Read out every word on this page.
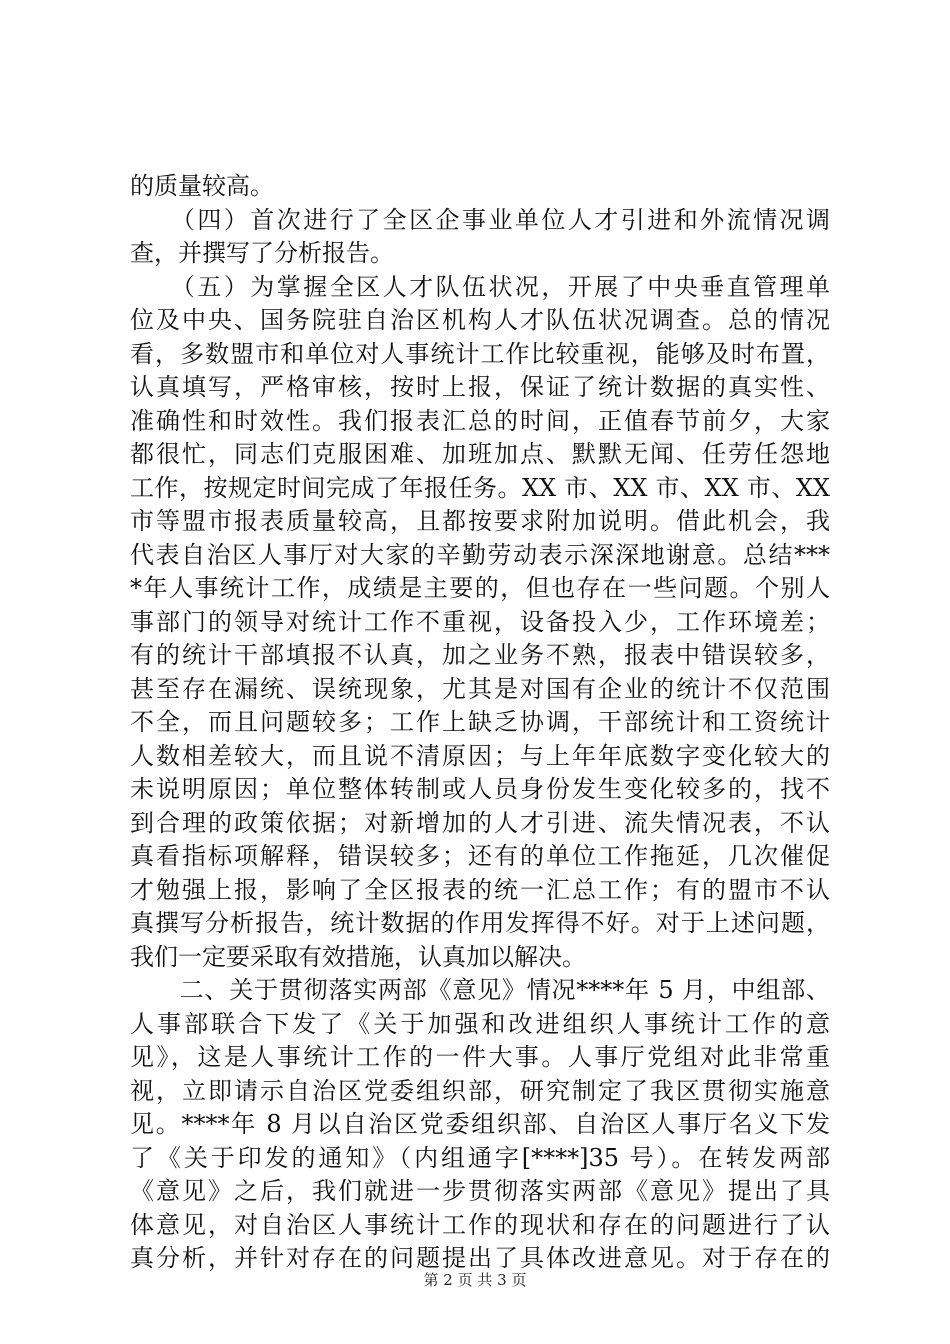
的质量较高。
　　（四）首次进行了全区企事业单位人才引进和外流情况调
查，并撰写了分析报告。
　　（五）为掌握全区人才队伍状况，开展了中央垂直管理单
位及中央、国务院驻自治区机构人才队伍状况调查。总的情况
看，多数盟市和单位对人事统计工作比较重视，能够及时布置，
认真填写，严格审核，按时上报，保证了统计数据的真实性、
准确性和时效性。我们报表汇总的时间，正值春节前夕，大家
都很忙，同志们克服困难、加班加点、默默无闻、任劳任怨地
工作，按规定时间完成了年报任务。XX 市、XX 市、XX 市、XX
市等盟市报表质量较高，且都按要求附加说明。借此机会，我
代表自治区人事厅对大家的辛勤劳动表示深深地谢意。总结***
*年人事统计工作，成绩是主要的，但也存在一些问题。个别人
事部门的领导对统计工作不重视，设备投入少，工作环境差；
有的统计干部填报不认真，加之业务不熟，报表中错误较多，
甚至存在漏统、误统现象，尤其是对国有企业的统计不仅范围
不全，而且问题较多；工作上缺乏协调，干部统计和工资统计
人数相差较大，而且说不清原因；与上年年底数字变化较大的
未说明原因；单位整体转制或人员身份发生变化较多的，找不
到合理的政策依据；对新增加的人才引进、流失情况表，不认
真看指标项解释，错误较多；还有的单位工作拖延，几次催促
才勉强上报，影响了全区报表的统一汇总工作；有的盟市不认
真撰写分析报告，统计数据的作用发挥得不好。对于上述问题，
我们一定要采取有效措施，认真加以解决。
　　二、关于贯彻落实两部《意见》情况****年 5 月，中组部、
人事部联合下发了《关于加强和改进组织人事统计工作的意
见》，这是人事统计工作的一件大事。人事厅党组对此非常重
视，立即请示自治区党委组织部，研究制定了我区贯彻实施意
见。****年 8 月以自治区党委组织部、自治区人事厅名义下发
了《关于印发的通知》（内组通字[****]35 号）。在转发两部
《意见》之后，我们就进一步贯彻落实两部《意见》提出了具
体意见，对自治区人事统计工作的现状和存在的问题进行了认
真分析，并针对存在的问题提出了具体改进意见。对于存在的
第 2 页 共 3 页
